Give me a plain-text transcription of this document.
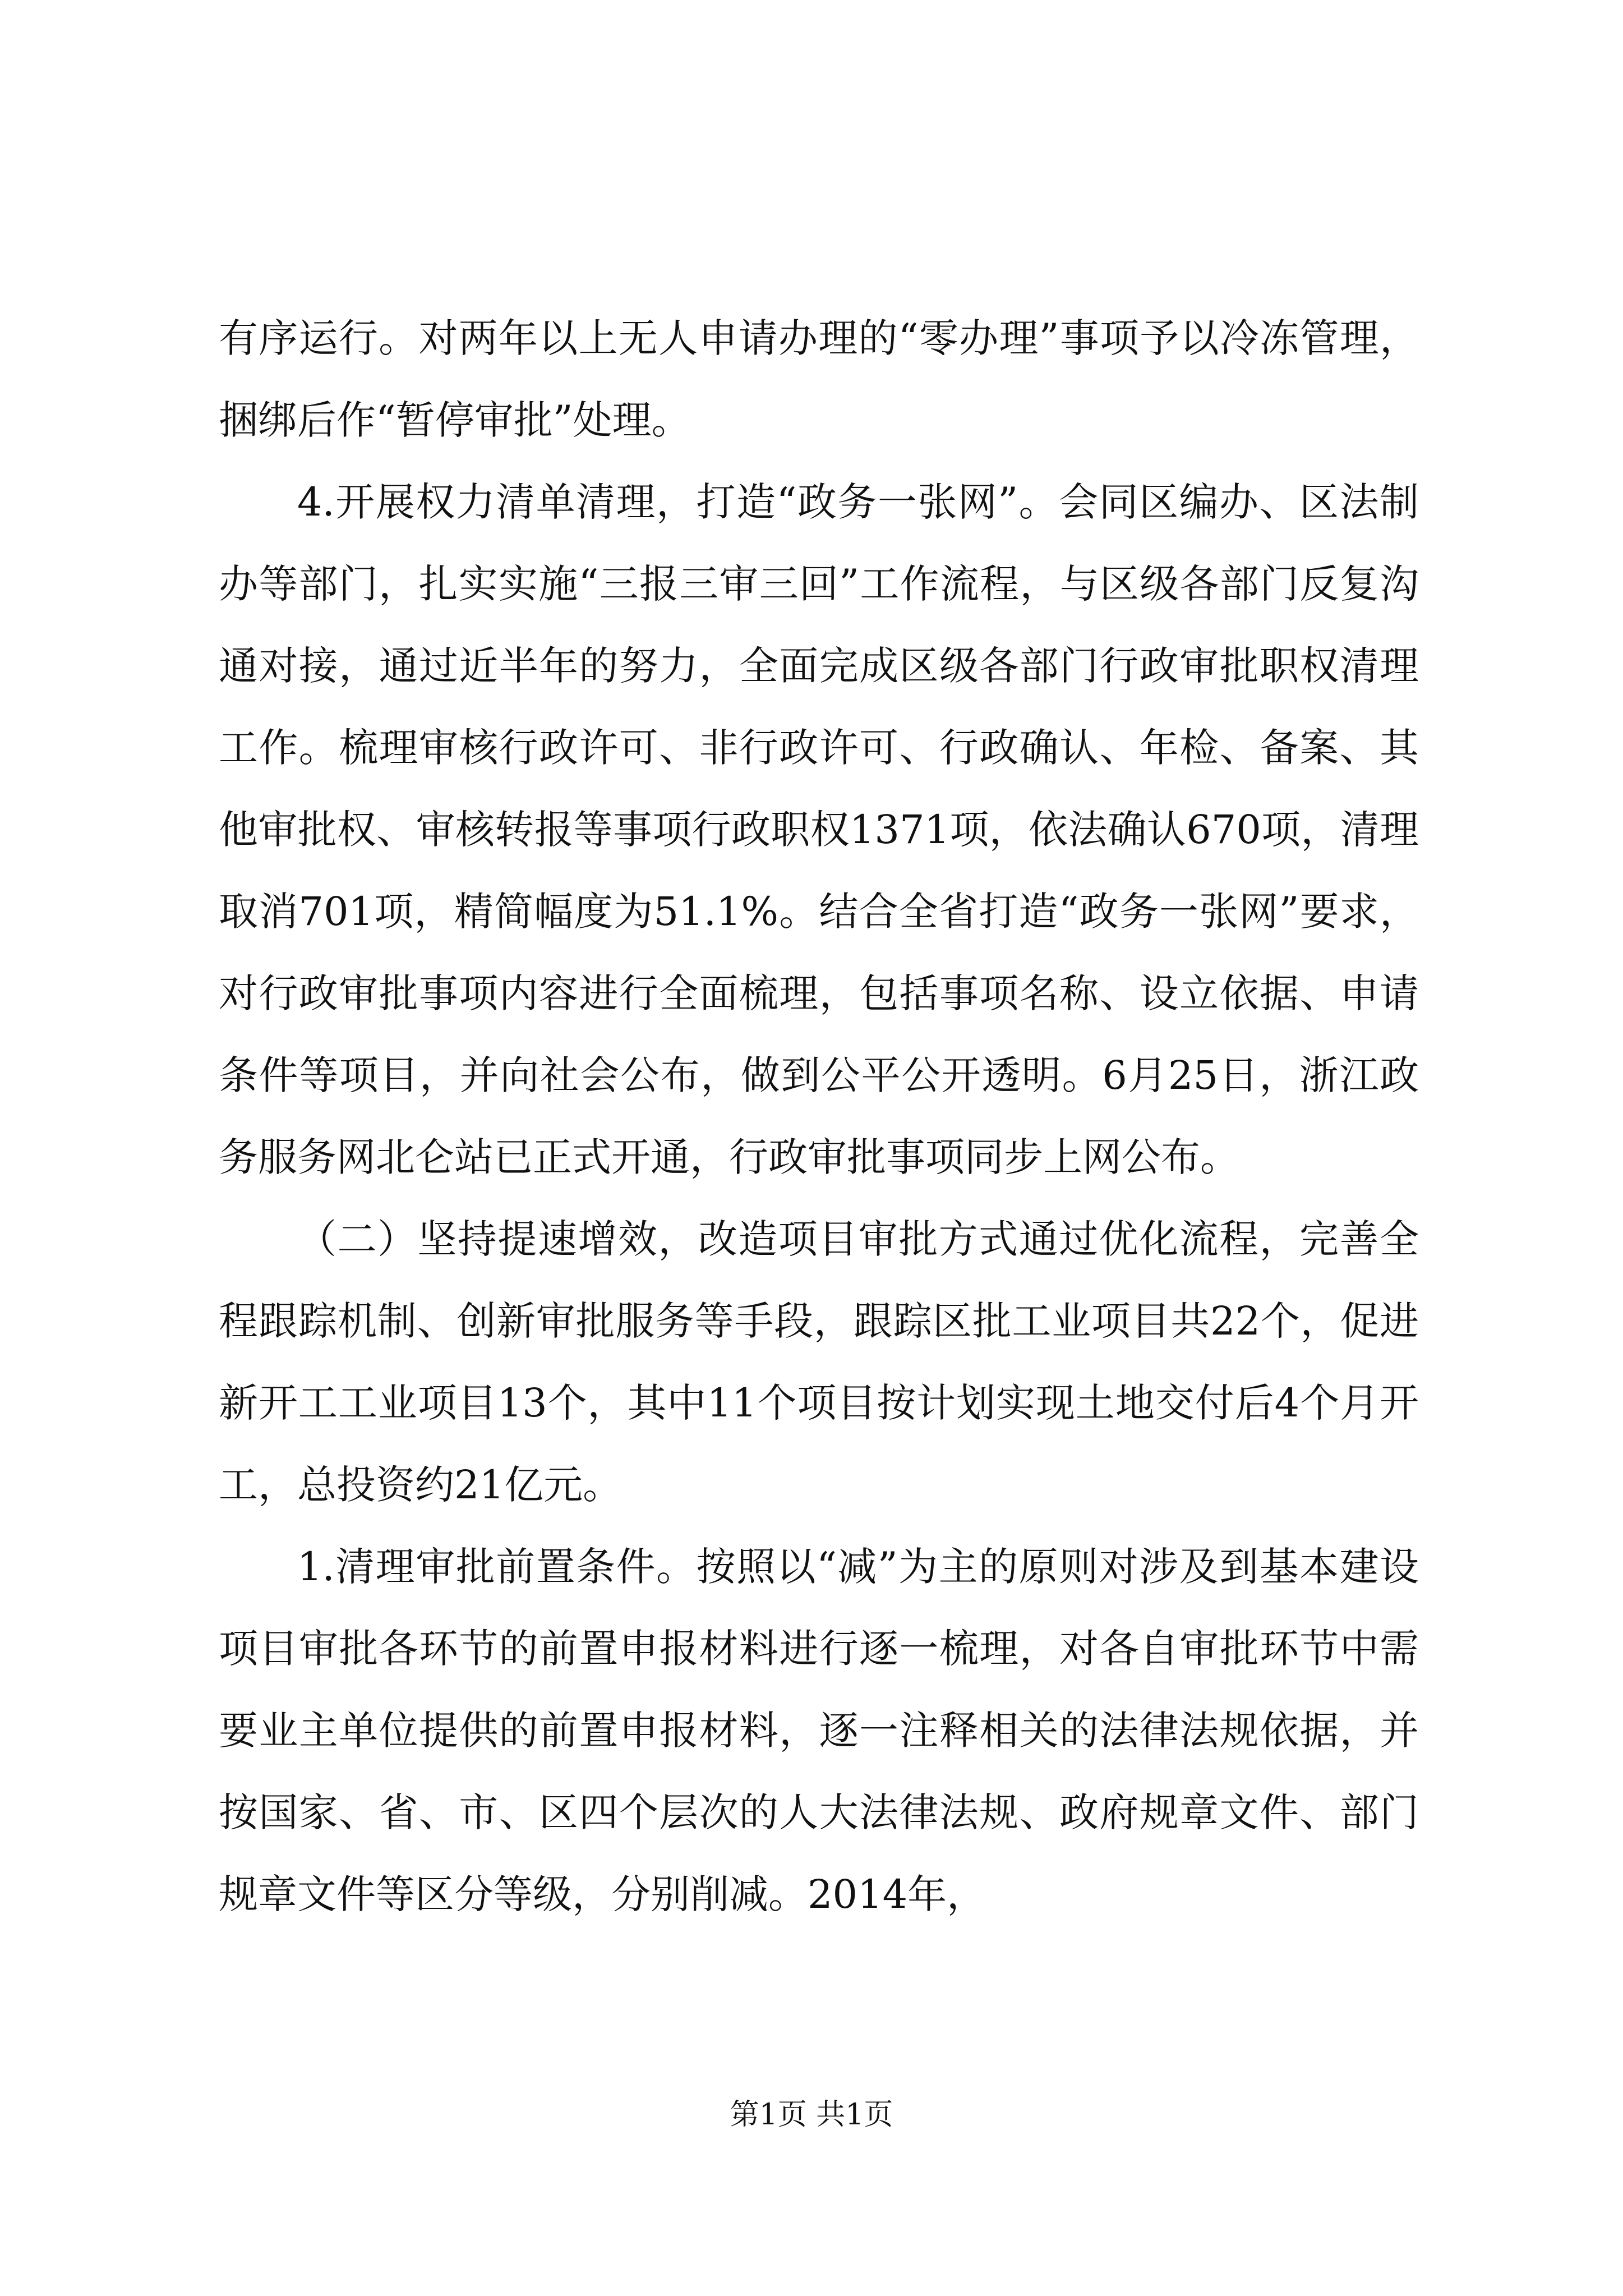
有序运行。对两年以上无人申请办理的“零办理”事项予以冷冻管理，捆绑后作“暂停审批”处理。

4.开展权力清单清理，打造“政务一张网”。会同区编办、区法制办等部门，扎实实施“三报三审三回”工作流程，与区级各部门反复沟通对接，通过近半年的努力，全面完成区级各部门行政审批职权清理工作。梳理审核行政许可、非行政许可、行政确认、年检、备案、其他审批权、审核转报等事项行政职权1371项，依法确认670项，清理取消701项，精简幅度为51.1%。结合全省打造“政务一张网”要求，对行政审批事项内容进行全面梳理，包括事项名称、设立依据、申请条件等项目，并向社会公布，做到公平公开透明。6月25日，浙江政务服务网北仑站已正式开通，行政审批事项同步上网公布。

（二）坚持提速增效，改造项目审批方式通过优化流程，完善全程跟踪机制、创新审批服务等手段，跟踪区批工业项目共22个，促进新开工工业项目13个，其中11个项目按计划实现土地交付后4个月开工，总投资约21亿元。

1.清理审批前置条件。按照以“减”为主的原则对涉及到基本建设项目审批各环节的前置申报材料进行逐一梳理，对各自审批环节中需要业主单位提供的前置申报材料，逐一注释相关的法律法规依据，并按国家、省、市、区四个层次的人大法律法规、政府规章文件、部门规章文件等区分等级，分别削减。2014年，

第1页 共1页
